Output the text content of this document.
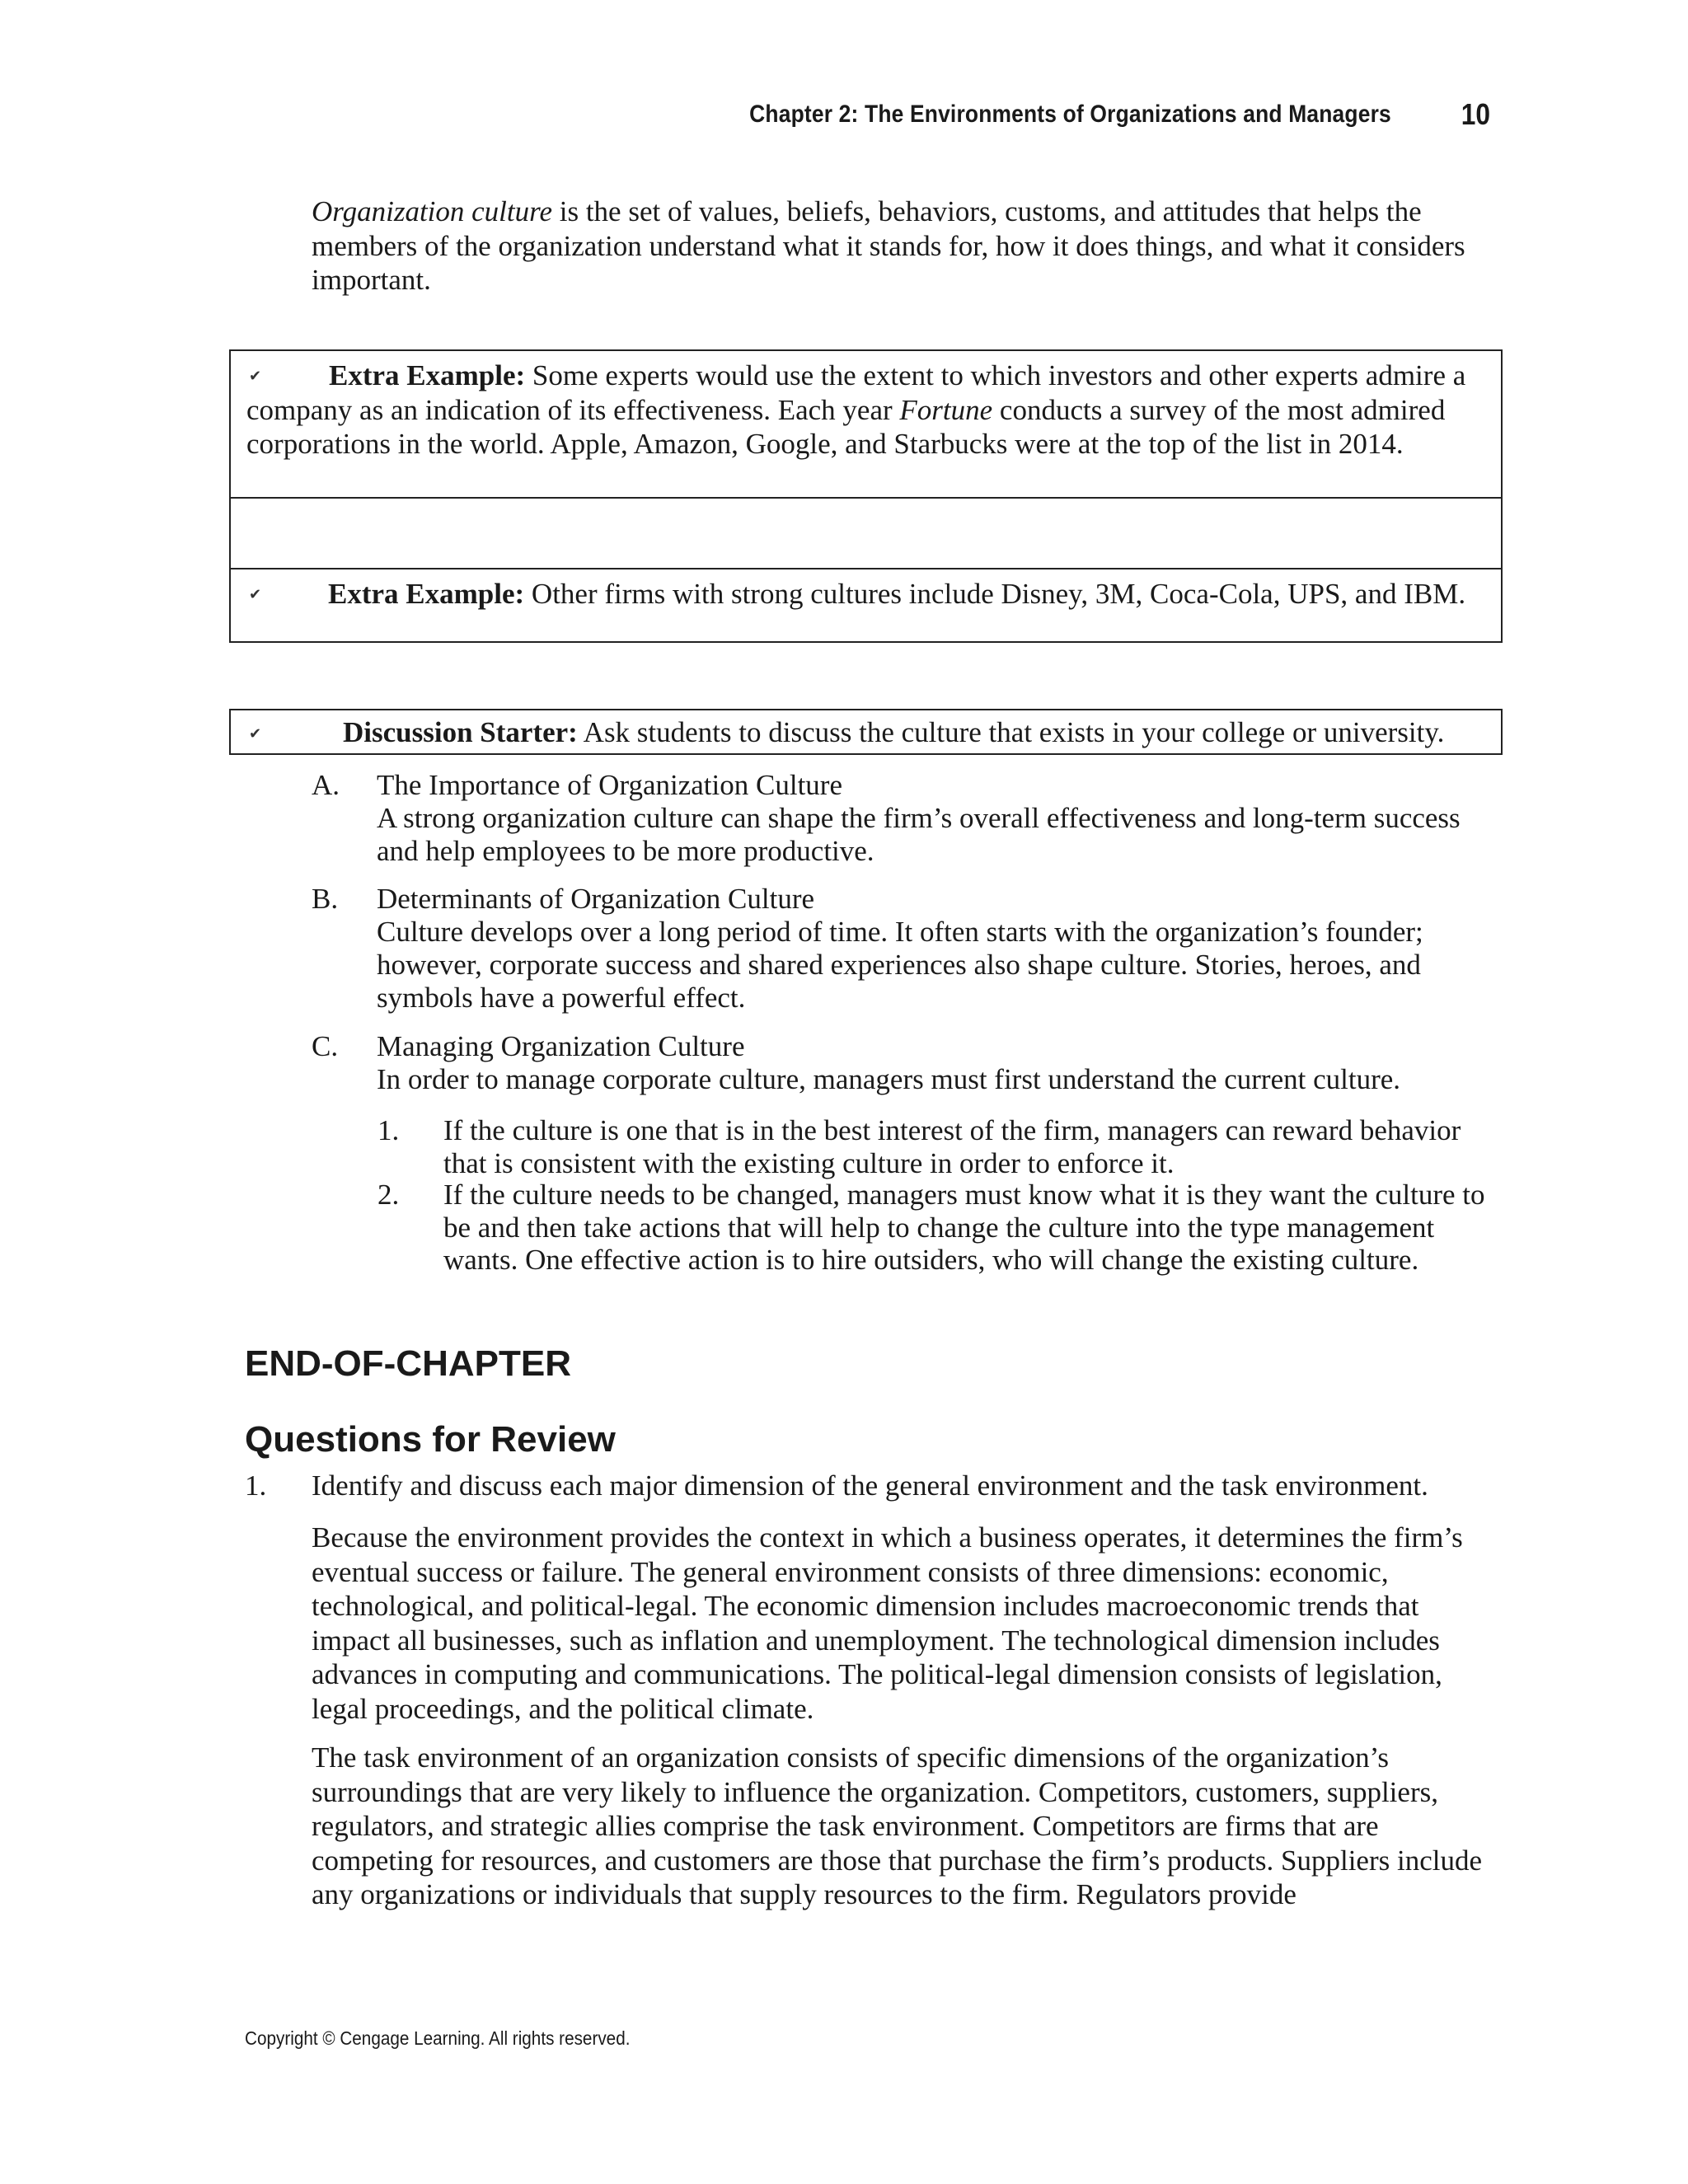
Chapter 2: The Environments of Organizations and Managers 10

Organization culture is the set of values, beliefs, behaviors, customs, and attitudes that helps the members of the organization understand what it stands for, how it does things, and what it considers important.

✔	Extra Example: Some experts would use the extent to which investors and other experts admire a company as an indication of its effectiveness. Each year Fortune conducts a survey of the most admired corporations in the world. Apple, Amazon, Google, and Starbucks were at the top of the list in 2014.

✔	Extra Example: Other firms with strong cultures include Disney, 3M, Coca-Cola, UPS, and IBM.

✔	Discussion Starter: Ask students to discuss the culture that exists in your college or university.

A. The Importance of Organization Culture
A strong organization culture can shape the firm’s overall effectiveness and long-term success and help employees to be more productive.

B. Determinants of Organization Culture
Culture develops over a long period of time. It often starts with the organization’s founder; however, corporate success and shared experiences also shape culture. Stories, heroes, and symbols have a powerful effect.

C. Managing Organization Culture
In order to manage corporate culture, managers must first understand the current culture.

1. If the culture is one that is in the best interest of the firm, managers can reward behavior that is consistent with the existing culture in order to enforce it.

2. If the culture needs to be changed, managers must know what it is they want the culture to be and then take actions that will help to change the culture into the type management wants. One effective action is to hire outsiders, who will change the existing culture.

END-OF-CHAPTER
Questions for Review
1. Identify and discuss each major dimension of the general environment and the task environment.

Because the environment provides the context in which a business operates, it determines the firm’s eventual success or failure. The general environment consists of three dimensions: economic, technological, and political-legal. The economic dimension includes macroeconomic trends that impact all businesses, such as inflation and unemployment. The technological dimension includes advances in computing and communications. The political-legal dimension consists of legislation, legal proceedings, and the political climate.

The task environment of an organization consists of specific dimensions of the organization’s surroundings that are very likely to influence the organization. Competitors, customers, suppliers, regulators, and strategic allies comprise the task environment. Competitors are firms that are competing for resources, and customers are those that purchase the firm’s products. Suppliers include any organizations or individuals that supply resources to the firm. Regulators provide

Copyright © Cengage Learning. All rights reserved.
